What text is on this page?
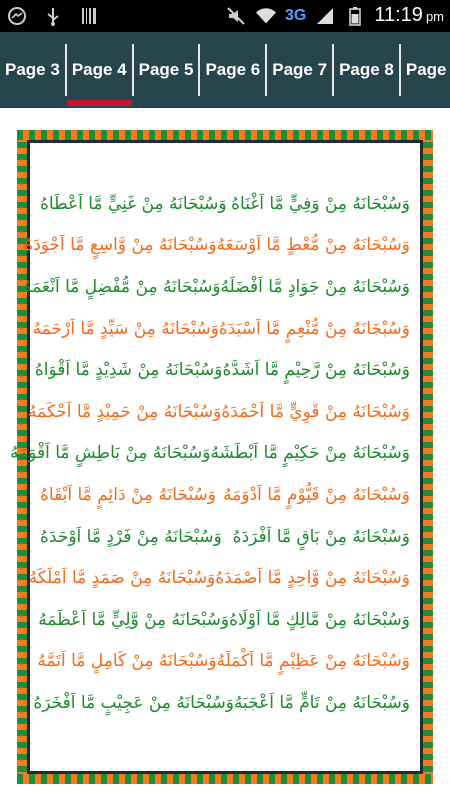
3G	11:19 pm
Page 3 Page 4 Page 5 Page 6 Page 7 Page 8 Page
وَسُبْحَانَهُ مِنْ وَفِيٍّ مَّا اَغْنَاهُ
وَسُبْحَانَهُ مِنْ غَنِيٍّ مَّا اَعْطَاهُ
وَسُبْحَانَهُ مِنْ مُّعْطٍ مَّا اَوْسَعَهُ
وَسُبْحَانَهُ مِنْ وَّاسِعٍ مَّا اَجْوَدَهُ
وَسُبْحَانَهُ مِنْ جَوَادٍ مَّا اَفْضَلَهُ
وَسُبْحَانَهُ مِنْ مُّفْضِلٍ مَّا اَنْعَمَهُ
وَسُبْحَانَهُ مِنْ مُّنْعِمٍ مَّا اَسْيَدَهُ
وَسُبْحَانَهُ مِنْ سَيِّدٍ مَّا اَرْحَمَهُ
وَسُبْحَانَهُ مِنْ رَّحِيْمٍ مَّا اَشَدَّهُ
وَسُبْحَانَهُ مِنْ شَدِيْدٍ مَّا اَقْوَاهُ
وَسُبْحَانَهُ مِنْ قَوِيٍّ مَّا اَحْمَدَهُ
وَسُبْحَانَهُ مِنْ حَمِيْدٍ مَّا اَحْكَمَهُ
وَسُبْحَانَهُ مِنْ حَكِيْمٍ مَّا اَبْطَشَهُ
وَسُبْحَانَهُ مِنْ بَاطِشٍ مَّا اَقْوَمَهُ
وَسُبْحَانَهُ مِنْ قَيُّوْمٍ مَّا اَدْوَمَهُ
وَسُبْحَانَهُ مِنْ دَائِمٍ مَّا اَبْقَاهُ
وَسُبْحَانَهُ مِنْ بَاقٍ مَّا اَفْرَدَهُ
وَسُبْحَانَهُ مِنْ فَرْدٍ مَّا اَوْحَدَهُ
وَسُبْحَانَهُ مِنْ وَّاحِدٍ مَّا اَصْمَدَهُ
وَسُبْحَانَهُ مِنْ صَمَدٍ مَّا اَمْلَكَهُ
وَسُبْحَانَهُ مِنْ مَّالِكٍ مَّا اَوْلَاهُ
وَسُبْحَانَهُ مِنْ وَّلِيٍّ مَّا اَعْظَمَهُ
وَسُبْحَانَهُ مِنْ عَظِيْمٍ مَّا اَكْمَلَهُ
وَسُبْحَانَهُ مِنْ كَامِلٍ مَّا اَتَمَّهُ
وَسُبْحَانَهُ مِنْ تَامٍّ مَّا اَعْجَبَهُ
وَسُبْحَانَهُ مِنْ عَجِيْبٍ مَّا اَفْخَرَهُ
